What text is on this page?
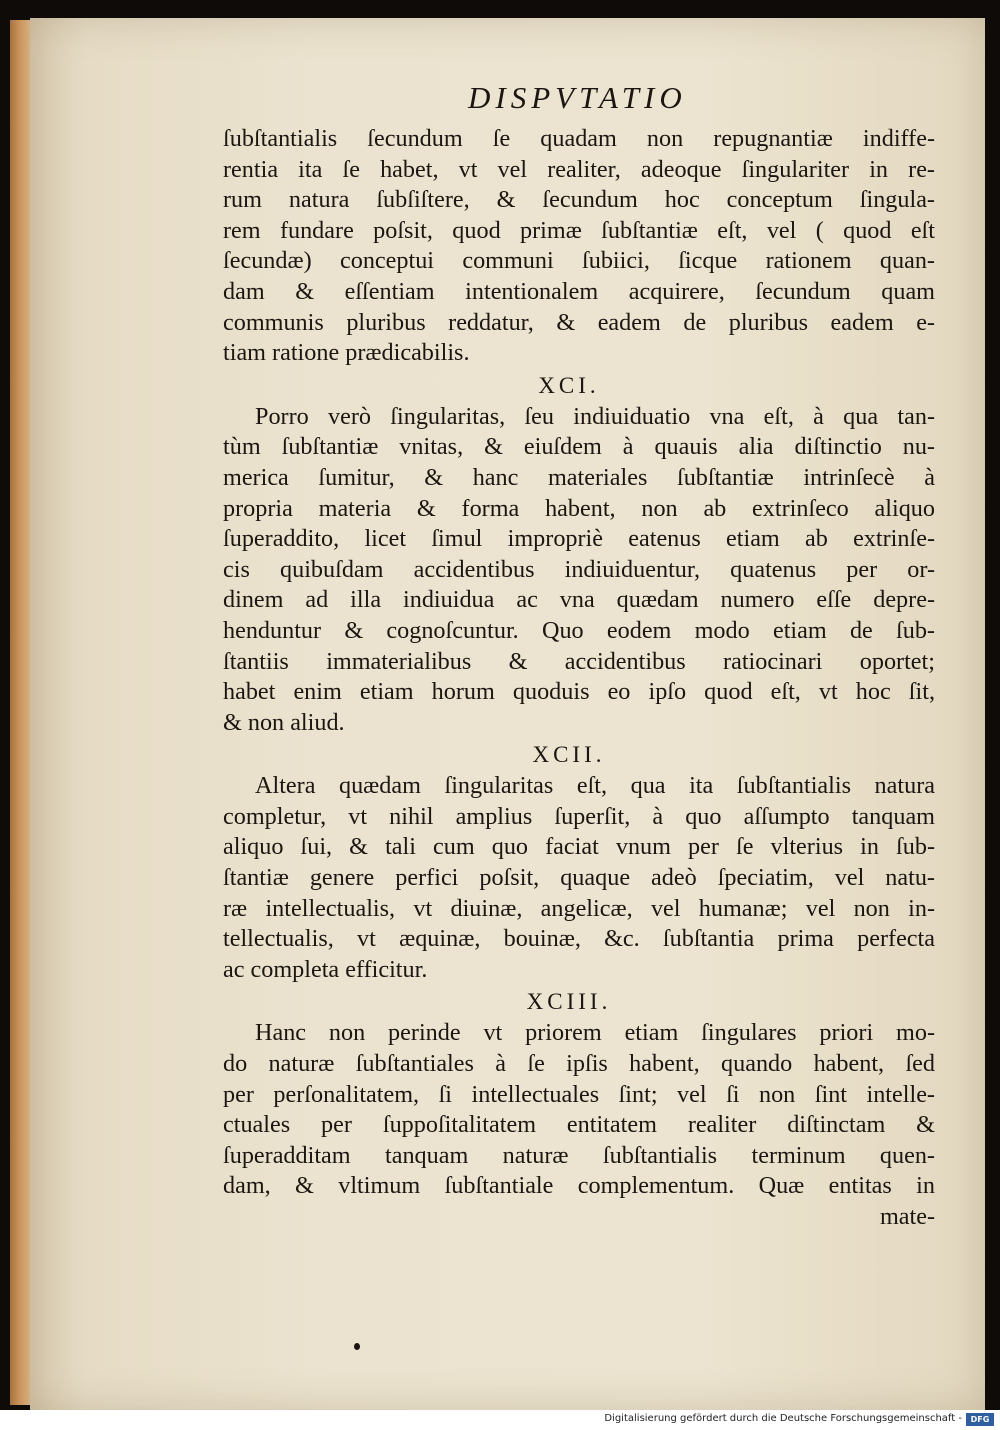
DISPVTATIO
ſubſtantialis ſecundum ſe quadam non repugnantiæ indiffe-
rentia ita ſe habet, vt vel realiter, adeoque ſingulariter in re-
rum natura ſubſiſtere, & ſecundum hoc conceptum ſingula-
rem fundare poſsit, quod primæ ſubſtantiæ eſt, vel ( quod eſt
ſecundæ) conceptui communi ſubiici, ſicque rationem quan-
dam & eſſentiam intentionalem acquirere, ſecundum quam
communis pluribus reddatur, & eadem de pluribus eadem e-
tiam ratione prædicabilis.
XCI.
Porro verò ſingularitas, ſeu indiuiduatio vna eſt, à qua tan-
tùm ſubſtantiæ vnitas, & eiuſdem à quauis alia diſtinctio nu-
merica ſumitur, & hanc materiales ſubſtantiæ intrinſecè à
propria materia & forma habent, non ab extrinſeco aliquo
ſuperaddito, licet ſimul impropriè eatenus etiam ab extrinſe-
cis quibuſdam accidentibus indiuiduentur, quatenus per or-
dinem ad illa indiuidua ac vna quædam numero eſſe depre-
henduntur & cognoſcuntur. Quo eodem modo etiam de ſub-
ſtantiis immaterialibus & accidentibus ratiocinari oportet;
habet enim etiam horum quoduis eo ipſo quod eſt, vt hoc ſit,
& non aliud.
XCII.
Altera quædam ſingularitas eſt, qua ita ſubſtantialis natura
completur, vt nihil amplius ſuperſit, à quo aſſumpto tanquam
aliquo ſui, & tali cum quo faciat vnum per ſe vlterius in ſub-
ſtantiæ genere perfici poſsit, quaque adeò ſpeciatim, vel natu-
ræ intellectualis, vt diuinæ, angelicæ, vel humanæ; vel non in-
tellectualis, vt æquinæ, bouinæ, &c. ſubſtantia prima perfecta
ac completa efficitur.
XCIII.
Hanc non perinde vt priorem etiam ſingulares priori mo-
do naturæ ſubſtantiales à ſe ipſis habent, quando habent, ſed
per perſonalitatem, ſi intellectuales ſint; vel ſi non ſint intelle-
ctuales per ſuppoſitalitatem entitatem realiter diſtinctam &
ſuperadditam tanquam naturæ ſubſtantialis terminum quen-
dam, & vltimum ſubſtantiale complementum. Quæ entitas in
mate-
Digitalisierung gefördert durch die Deutsche Forschungsgemeinschaft -	DFG
